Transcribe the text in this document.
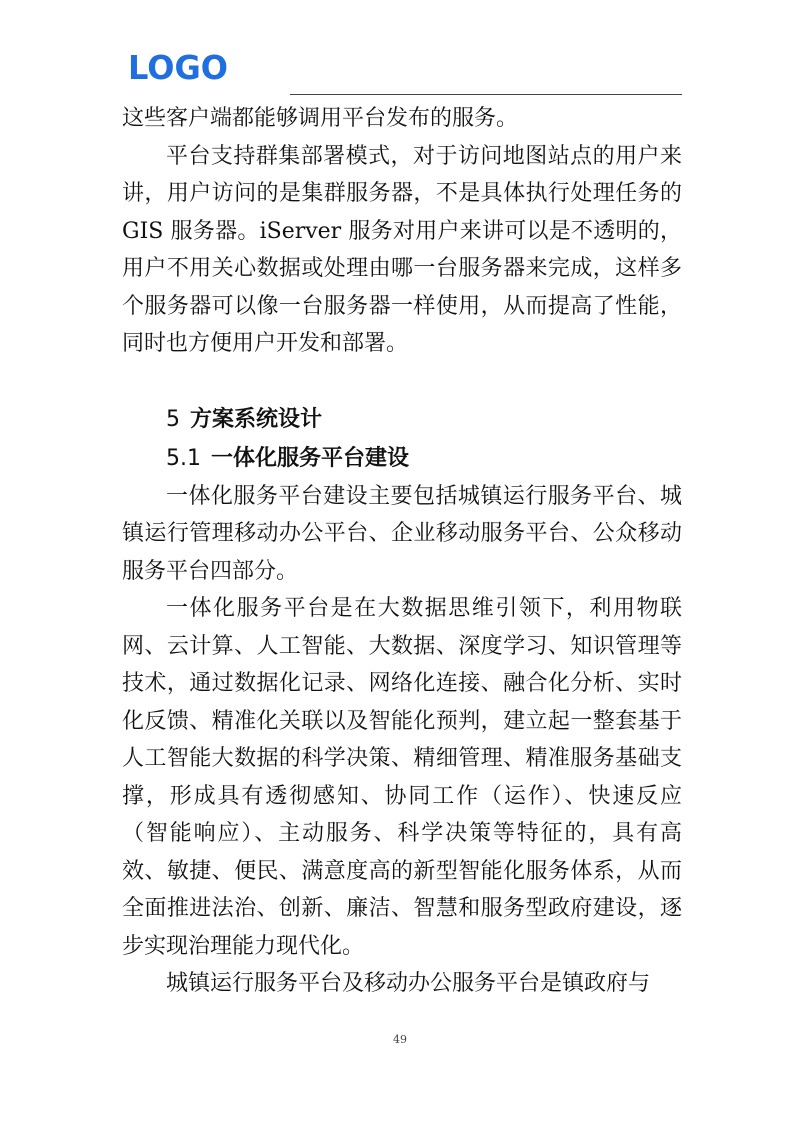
LOGO

这些客户端都能够调用平台发布的服务。

平台支持群集部署模式，对于访问地图站点的用户来讲，用户访问的是集群服务器，不是具体执行处理任务的 GIS 服务器。iServer 服务对用户来讲可以是不透明的，用户不用关心数据或处理由哪一台服务器来完成，这样多个服务器可以像一台服务器一样使用，从而提高了性能，同时也方便用户开发和部署。

5 方案系统设计

5.1 一体化服务平台建设

一体化服务平台建设主要包括城镇运行服务平台、城镇运行管理移动办公平台、企业移动服务平台、公众移动服务平台四部分。

一体化服务平台是在大数据思维引领下，利用物联网、云计算、人工智能、大数据、深度学习、知识管理等技术，通过数据化记录、网络化连接、融合化分析、实时化反馈、精准化关联以及智能化预判，建立起一整套基于人工智能大数据的科学决策、精细管理、精准服务基础支撑，形成具有透彻感知、协同工作（运作）、快速反应（智能响应）、主动服务、科学决策等特征的，具有高效、敏捷、便民、满意度高的新型智能化服务体系，从而全面推进法治、创新、廉洁、智慧和服务型政府建设，逐步实现治理能力现代化。

城镇运行服务平台及移动办公服务平台是镇政府与

49
